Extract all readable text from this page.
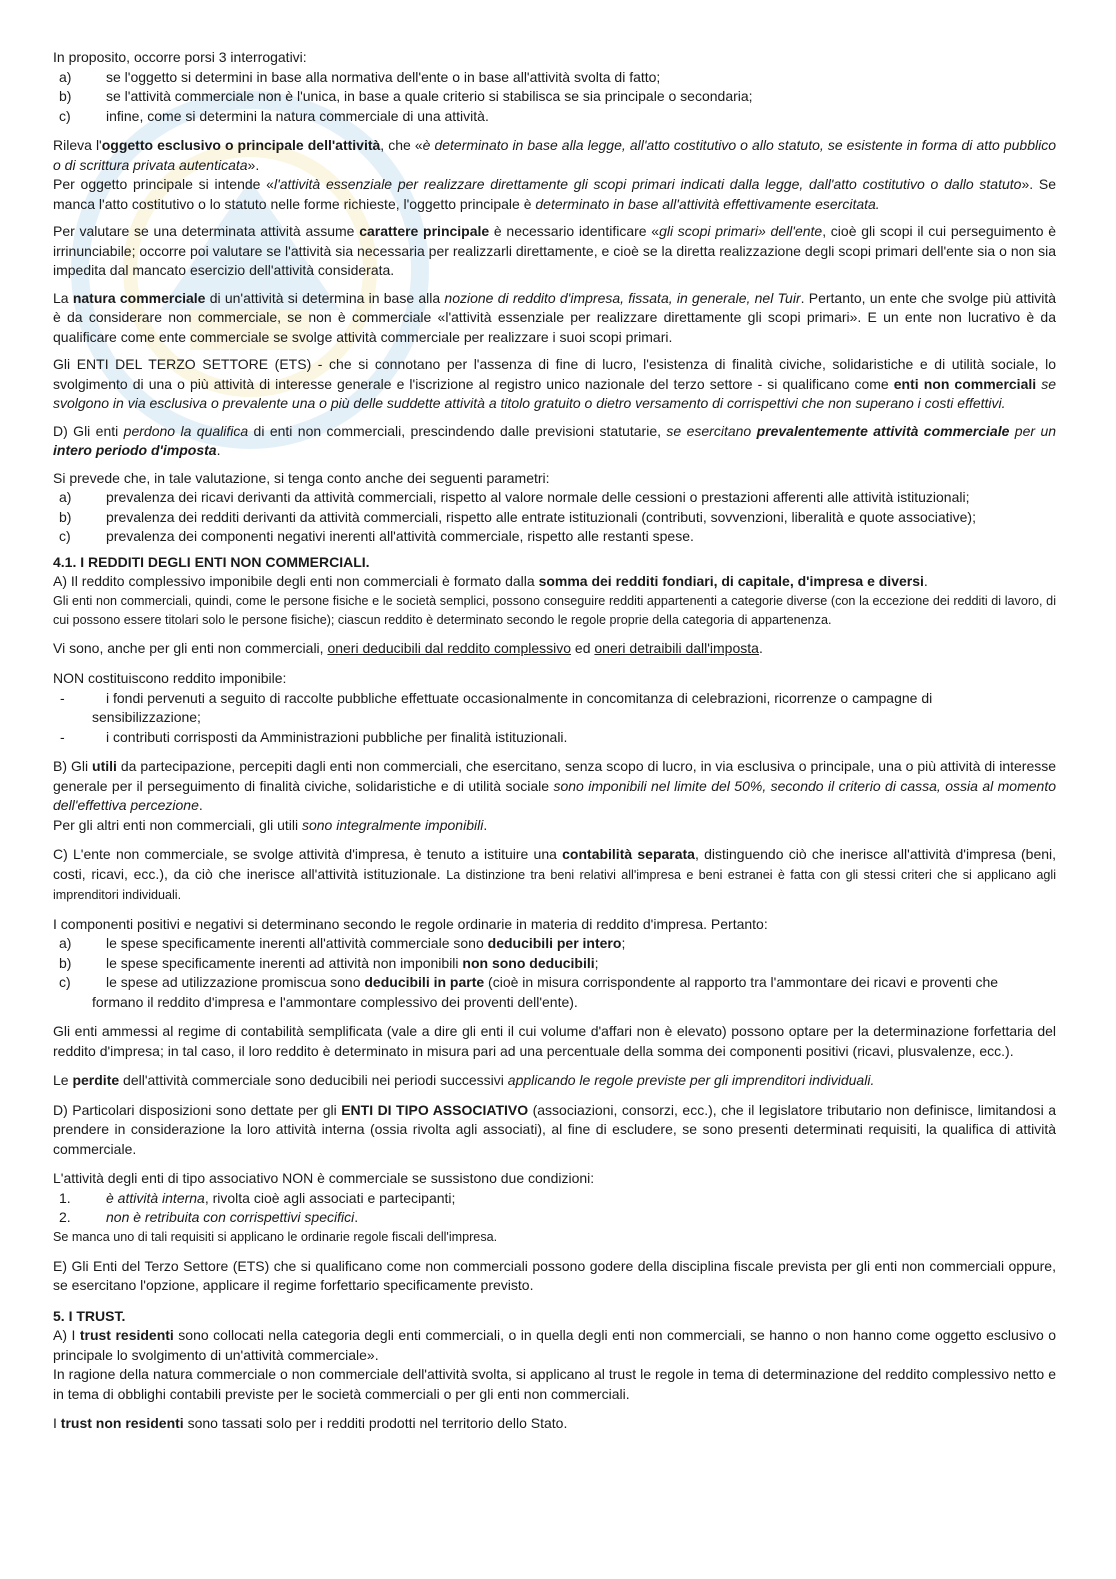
In proposito, occorre porsi 3 interrogativi:

a) se l'oggetto si determini in base alla normativa dell'ente o in base all'attività svolta di fatto;
b) se l'attività commerciale non è l'unica, in base a quale criterio si stabilisca se sia principale o secondaria;
c)	infine, come si determini la natura commerciale di una attività.

Rileva l'oggetto esclusivo o principale dell'attività, che «è determinato in base alla legge, all'atto costitutivo o allo statuto, se esistente in forma di atto pubblico o di scrittura privata autenticata».

Per oggetto principale si intende «l'attività essenziale per realizzare direttamente gli scopi primari indicati dalla legge, dall'atto costitutivo o dallo statuto». Se manca l'atto costitutivo o lo statuto nelle forme richieste, l'oggetto principale è determinato in base all'attività effettivamente esercitata.

Per valutare se una determinata attività assume carattere principale è necessario identificare «gli scopi primari» dell'ente, cioè gli scopi il cui perseguimento è irrinunciabile; occorre poi valutare se l'attività sia necessaria per realizzarli direttamente, e cioè se la diretta realizzazione degli scopi primari dell'ente sia o non sia impedita dal mancato esercizio dell'attività considerata.

La natura commerciale di un'attività si determina in base alla nozione di reddito d'impresa, fissata, in generale, nel Tuir. Pertanto, un ente che svolge più attività è da considerare non commerciale, se non è commerciale «l'attività essenziale per realizzare direttamente gli scopi primari». E un ente non lucrativo è da qualificare come ente commerciale se svolge attività commerciale per realizzare i suoi scopi primari.

Gli ENTI DEL TERZO SETTORE (ETS) - che si connotano per l'assenza di fine di lucro, l'esistenza di finalità civiche, solidaristiche e di utilità sociale, lo svolgimento di una o più attività di interesse generale e l'iscrizione al registro unico nazionale del terzo settore - si qualificano come enti non commerciali se svolgono in via esclusiva o prevalente una o più delle suddette attività a titolo gratuito o dietro versamento di corrispettivi che non superano i costi effettivi.

D) Gli enti perdono la qualifica di enti non commerciali, prescindendo dalle previsioni statutarie, se esercitano prevalentemente attività commerciale per un intero periodo d'imposta.

Si prevede che, in tale valutazione, si tenga conto anche dei seguenti parametri:

a) prevalenza dei ricavi derivanti da attività commerciali, rispetto al valore normale delle cessioni o prestazioni afferenti alle attività istituzionali;
b) prevalenza dei redditi derivanti da attività commerciali, rispetto alle entrate istituzionali (contributi, sovvenzioni, liberalità e quote associative);
c)	prevalenza dei componenti negativi inerenti all'attività commerciale, rispetto alle restanti spese.
4.1. I REDDITI DEGLI ENTI NON COMMERCIALI.

A) Il reddito complessivo imponibile degli enti non commerciali è formato dalla somma dei redditi fondiari, di capitale, d'impresa e diversi.

Gli enti non commerciali, quindi, come le persone fisiche e le società semplici, possono conseguire redditi appartenenti a categorie diverse (con la eccezione dei redditi di lavoro, di cui possono essere titolari solo le persone fisiche); ciascun reddito è determinato secondo le regole proprie della categoria di appartenenza.

Vi sono, anche per gli enti non commerciali, oneri deducibili dal reddito complessivo ed oneri detraibili dall'imposta.

NON costituiscono reddito imponibile:

-	i fondi pervenuti a seguito di raccolte pubbliche effettuate occasionalmente in concomitanza di celebrazioni, ricorrenze o campagne di
sensibilizzazione;
-	i contributi corrisposti da Amministrazioni pubbliche per finalità istituzionali.

B) Gli utili da partecipazione, percepiti dagli enti non commerciali, che esercitano, senza scopo di lucro, in via esclusiva o principale, una o più attività di interesse generale per il perseguimento di finalità civiche, solidaristiche e di utilità sociale sono imponibili nel limite del 50%, secondo il criterio di cassa, ossia al momento dell'effettiva percezione.

Per gli altri enti non commerciali, gli utili sono integralmente imponibili.

C) L'ente non commerciale, se svolge attività d'impresa, è tenuto a istituire una contabilità separata, distinguendo ciò che inerisce all'attività d'impresa (beni, costi, ricavi, ecc.), da ciò che inerisce all'attività istituzionale. La distinzione tra beni relativi all'impresa e beni estranei è fatta con gli stessi criteri che si applicano agli imprenditori individuali.

I componenti positivi e negativi si determinano secondo le regole ordinarie in materia di reddito d'impresa. Pertanto:

a) le spese specificamente inerenti all'attività commerciale sono deducibili per intero;
b) le spese specificamente inerenti ad attività non imponibili non sono deducibili;
c)	le spese ad utilizzazione promiscua sono deducibili in parte (cioè in misura corrispondente al rapporto tra l'ammontare dei ricavi e proventi che
formano il reddito d'impresa e l'ammontare complessivo dei proventi dell'ente).

Gli enti ammessi al regime di contabilità semplificata (vale a dire gli enti il cui volume d'affari non è elevato) possono optare per la determinazione forfettaria del reddito d'impresa; in tal caso, il loro reddito è determinato in misura pari ad una percentuale della somma dei componenti positivi (ricavi, plusvalenze, ecc.).

Le perdite dell'attività commerciale sono deducibili nei periodi successivi applicando le regole previste per gli imprenditori individuali.

D) Particolari disposizioni sono dettate per gli ENTI DI TIPO ASSOCIATIVO (associazioni, consorzi, ecc.), che il legislatore tributario non definisce, limitandosi a prendere in considerazione la loro attività interna (ossia rivolta agli associati), al fine di escludere, se sono presenti determinati requisiti, la qualifica di attività commerciale.

L'attività degli enti di tipo associativo NON è commerciale se sussistono due condizioni:

1.	è attività interna, rivolta cioè agli associati e partecipanti;
2.	non è retribuita con corrispettivi specifici.

Se manca uno di tali requisiti si applicano le ordinarie regole fiscali dell'impresa.

E) Gli Enti del Terzo Settore (ETS) che si qualificano come non commerciali possono godere della disciplina fiscale prevista per gli enti non commerciali oppure, se esercitano l'opzione, applicare il regime forfettario specificamente previsto.

5. I TRUST.

A) I trust residenti sono collocati nella categoria degli enti commerciali, o in quella degli enti non commerciali, se hanno o non hanno come oggetto esclusivo o principale lo svolgimento di un'attività commerciale».

In ragione della natura commerciale o non commerciale dell'attività svolta, si applicano al trust le regole in tema di determinazione del reddito complessivo netto e in tema di obblighi contabili previste per le società commerciali o per gli enti non commerciali.

I trust non residenti sono tassati solo per i redditi prodotti nel territorio dello Stato.
